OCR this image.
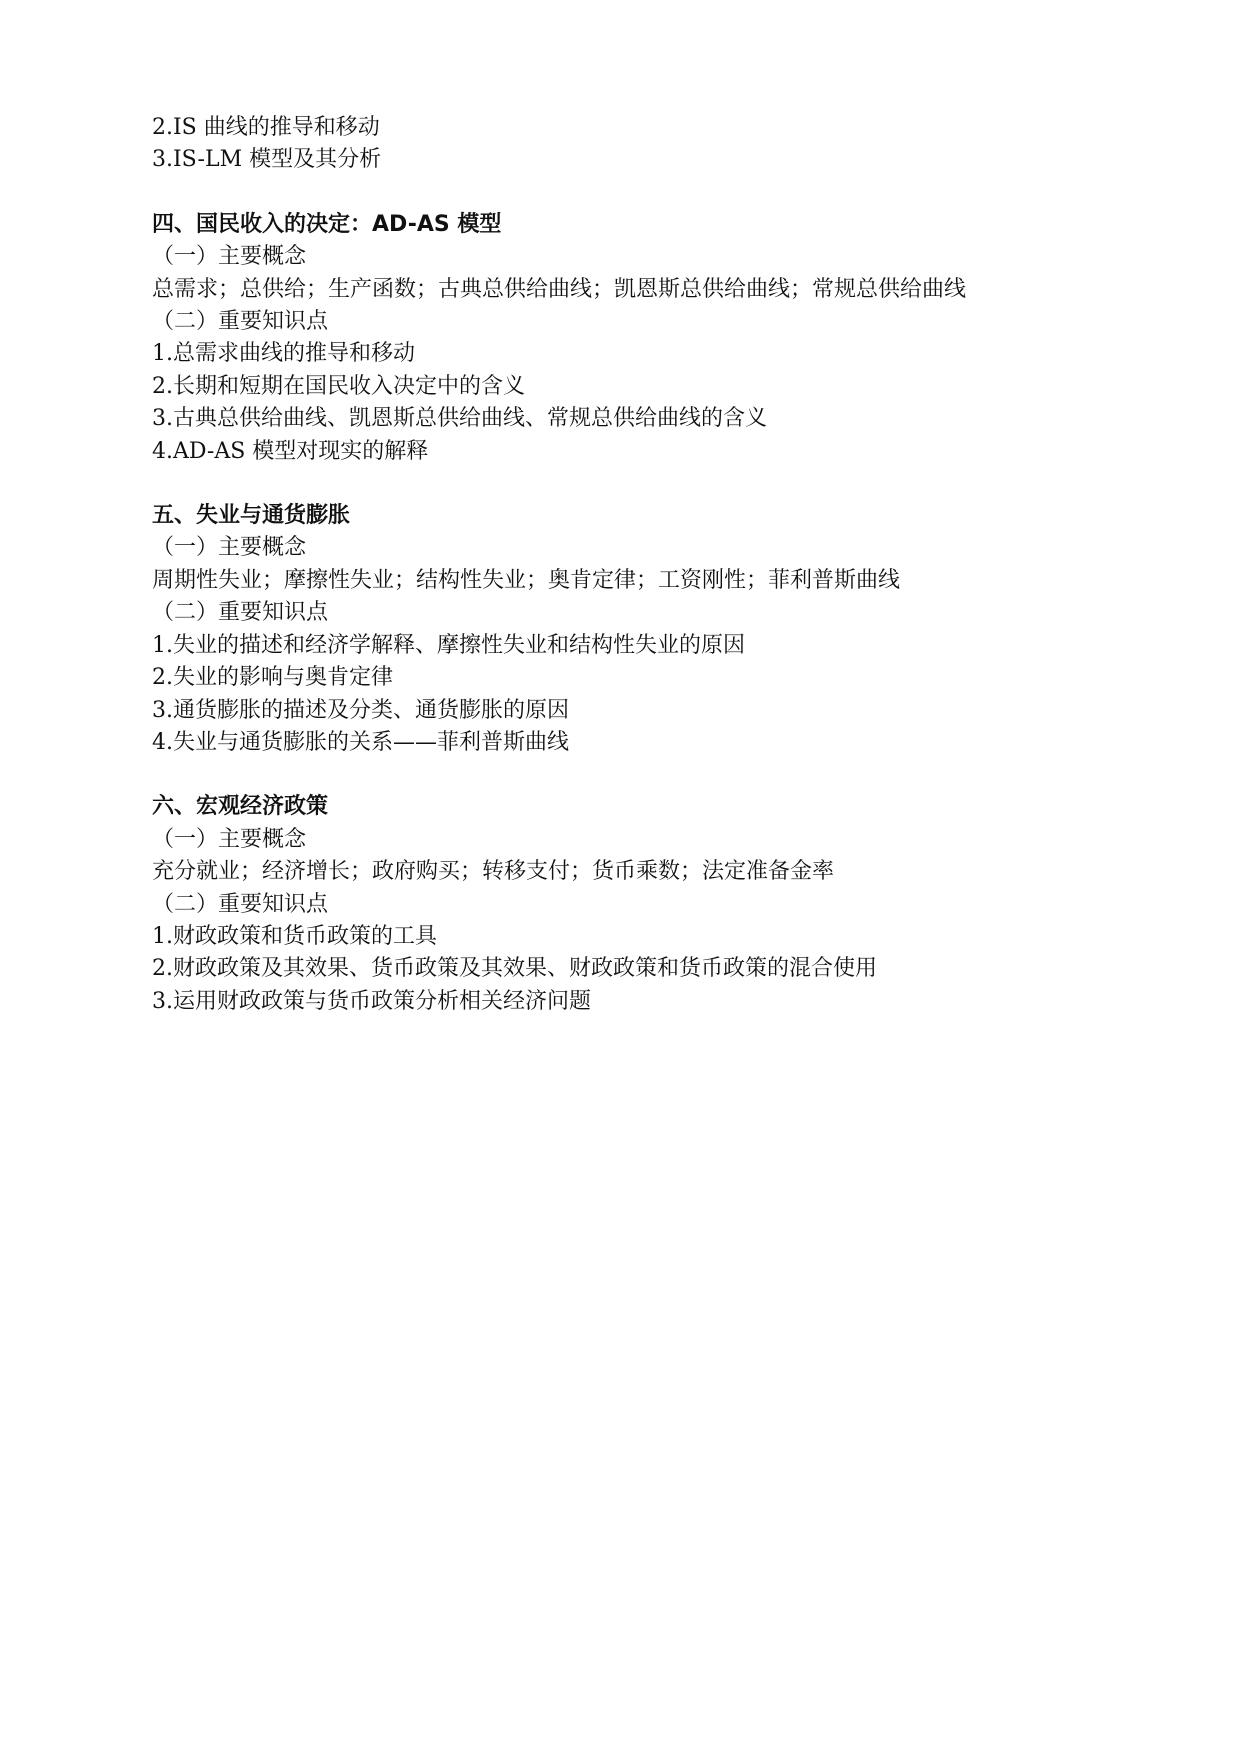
2.IS 曲线的推导和移动

3.IS-LM 模型及其分析

四、国民收入的决定：AD-AS 模型

（一）主要概念

总需求；总供给；生产函数；古典总供给曲线；凯恩斯总供给曲线；常规总供给曲线

（二）重要知识点

1.总需求曲线的推导和移动

2.长期和短期在国民收入决定中的含义

3.古典总供给曲线、凯恩斯总供给曲线、常规总供给曲线的含义

4.AD-AS 模型对现实的解释

五、失业与通货膨胀

（一）主要概念

周期性失业；摩擦性失业；结构性失业；奥肯定律；工资刚性；菲利普斯曲线

（二）重要知识点

1.失业的描述和经济学解释、摩擦性失业和结构性失业的原因

2.失业的影响与奥肯定律

3.通货膨胀的描述及分类、通货膨胀的原因

4.失业与通货膨胀的关系——菲利普斯曲线

六、宏观经济政策

（一）主要概念

充分就业；经济增长；政府购买；转移支付；货币乘数；法定准备金率

（二）重要知识点

1.财政政策和货币政策的工具

2.财政政策及其效果、货币政策及其效果、财政政策和货币政策的混合使用

3.运用财政政策与货币政策分析相关经济问题
